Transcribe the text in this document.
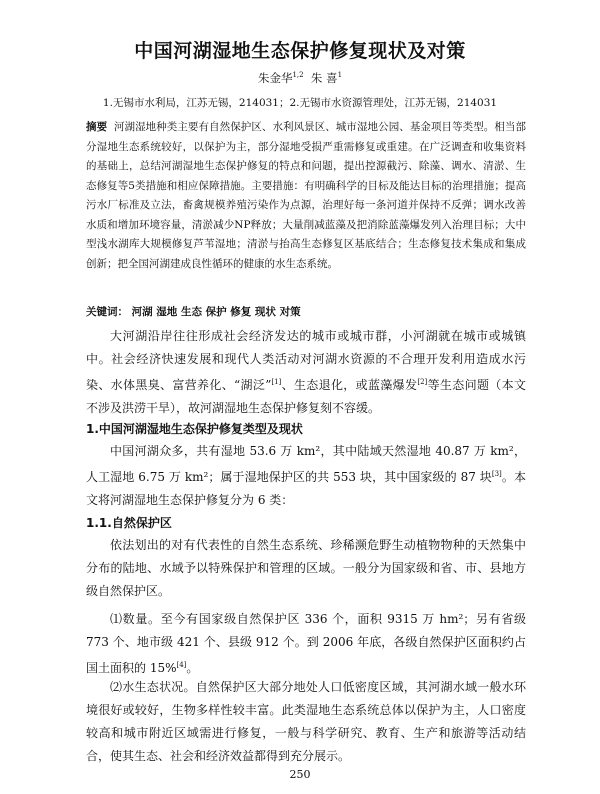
中国河湖湿地生态保护修复现状及对策
朱金华$^{1,2}$ 朱 喜$^1$
1.无锡市水利局，江苏无锡，214031；2.无锡市水资源管理处，江苏无锡，214031
摘要 河湖湿地种类主要有自然保护区、水利风景区、城市湿地公园、基金项目等类型。相当部分湿地生态系统较好，以保护为主，部分湿地受损严重需修复或重建。在广泛调查和收集资料的基础上，总结河湖湿地生态保护修复的特点和问题，提出控源截污、除藻、调水、清淤、生态修复等5类措施和相应保障措施。主要措施：有明确科学的目标及能达目标的治理措施；提高污水厂标准及立法，畜禽规模养殖污染作为点源，治理好每一条河道并保持不反弹；调水改善水质和增加环境容量，清淤减少NP释放；大量削减蓝藻及把消除蓝藻爆发列入治理目标；大中型浅水湖库大规模修复芦苇湿地；清淤与抬高生态修复区基底结合；生态修复技术集成和集成创新；把全国河湖建成良性循环的健康的水生态系统。
关键词： 河湖 湿地 生态 保护 修复 现状 对策
大河湖沿岸往往形成社会经济发达的城市或城市群，小河湖就在城市或城镇中。社会经济快速发展和现代人类活动对河湖水资源的不合理开发利用造成水污染、水体黑臭、富营养化、“湖泛”[1]、生态退化，或蓝藻爆发[2]等生态问题（本文不涉及洪涝干旱），故河湖湿地生态保护修复刻不容缓。
1.中国河湖湿地生态保护修复类型及现状
中国河湖众多，共有湿地 53.6 万 km²，其中陆域天然湿地 40.87 万 km²，人工湿地 6.75 万 km²；属于湿地保护区的共 553 块，其中国家级的 87 块[3]。本文将河湖湿地生态保护修复分为 6 类：
1.1.自然保护区
依法划出的对有代表性的自然生态系统、珍稀濒危野生动植物物种的天然集中分布的陆地、水域予以特殊保护和管理的区域。一般分为国家级和省、市、县地方级自然保护区。
⑴数量。至今有国家级自然保护区 336 个，面积 9315 万 hm²；另有省级 773 个、地市级 421 个、县级 912 个。到 2006 年底，各级自然保护区面积约占国土面积的 15%[4]。
⑵水生态状况。自然保护区大部分地处人口低密度区域，其河湖水域一般水环境很好或较好，生物多样性较丰富。此类湿地生态系统总体以保护为主，人口密度较高和城市附近区域需进行修复，一般与科学研究、教育、生产和旅游等活动结合，使其生态、社会和经济效益都得到充分展示。
250
